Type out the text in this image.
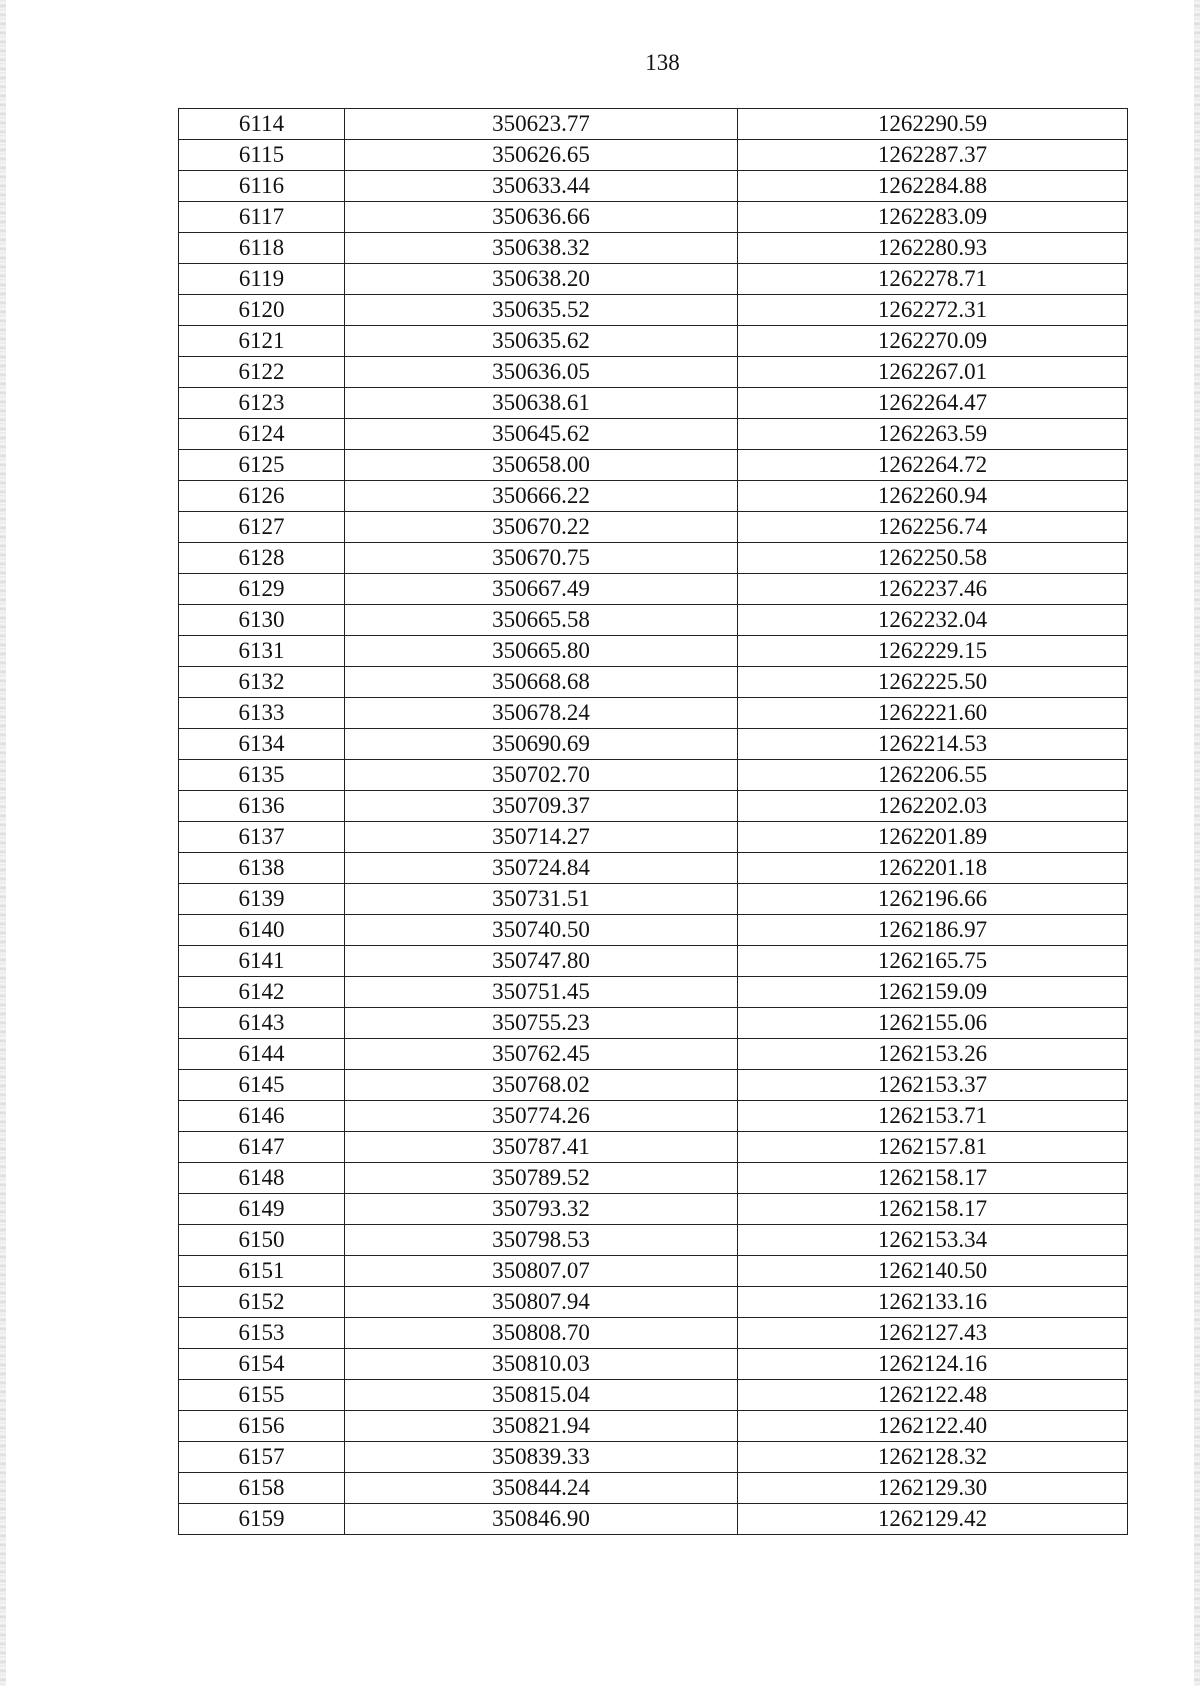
138
6114	350623.77	1262290.59
6115	350626.65	1262287.37
6116	350633.44	1262284.88
6117	350636.66	1262283.09
6118	350638.32	1262280.93
6119	350638.20	1262278.71
6120	350635.52	1262272.31
6121	350635.62	1262270.09
6122	350636.05	1262267.01
6123	350638.61	1262264.47
6124	350645.62	1262263.59
6125	350658.00	1262264.72
6126	350666.22	1262260.94
6127	350670.22	1262256.74
6128	350670.75	1262250.58
6129	350667.49	1262237.46
6130	350665.58	1262232.04
6131	350665.80	1262229.15
6132	350668.68	1262225.50
6133	350678.24	1262221.60
6134	350690.69	1262214.53
6135	350702.70	1262206.55
6136	350709.37	1262202.03
6137	350714.27	1262201.89
6138	350724.84	1262201.18
6139	350731.51	1262196.66
6140	350740.50	1262186.97
6141	350747.80	1262165.75
6142	350751.45	1262159.09
6143	350755.23	1262155.06
6144	350762.45	1262153.26
6145	350768.02	1262153.37
6146	350774.26	1262153.71
6147	350787.41	1262157.81
6148	350789.52	1262158.17
6149	350793.32	1262158.17
6150	350798.53	1262153.34
6151	350807.07	1262140.50
6152	350807.94	1262133.16
6153	350808.70	1262127.43
6154	350810.03	1262124.16
6155	350815.04	1262122.48
6156	350821.94	1262122.40
6157	350839.33	1262128.32
6158	350844.24	1262129.30
6159	350846.90	1262129.42
